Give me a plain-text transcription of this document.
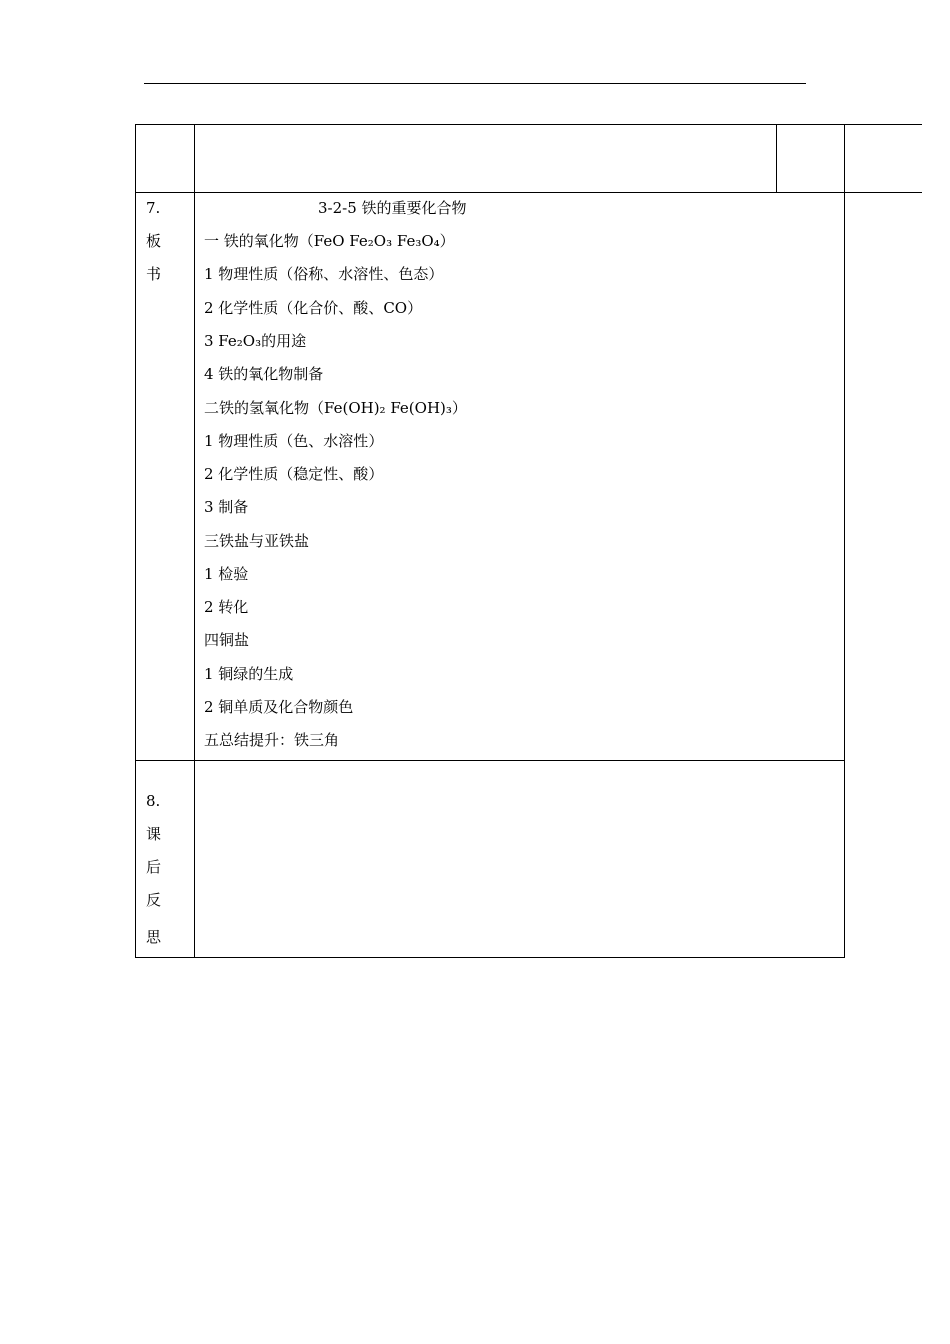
7.
板
书
3-2-5 铁的重要化合物
一 铁的氧化物（FeO Fe₂O₃ Fe₃O₄）
1 物理性质（俗称、水溶性、色态）
2 化学性质（化合价、酸、CO）
3 Fe₂O₃的用途
4 铁的氧化物制备
二铁的氢氧化物（Fe(OH)₂ Fe(OH)₃）
1 物理性质（色、水溶性）
2 化学性质（稳定性、酸）
3 制备
三铁盐与亚铁盐
1 检验
2 转化
四铜盐
1 铜绿的生成
2 铜单质及化合物颜色
五总结提升：铁三角
8.
课
后
反
思
